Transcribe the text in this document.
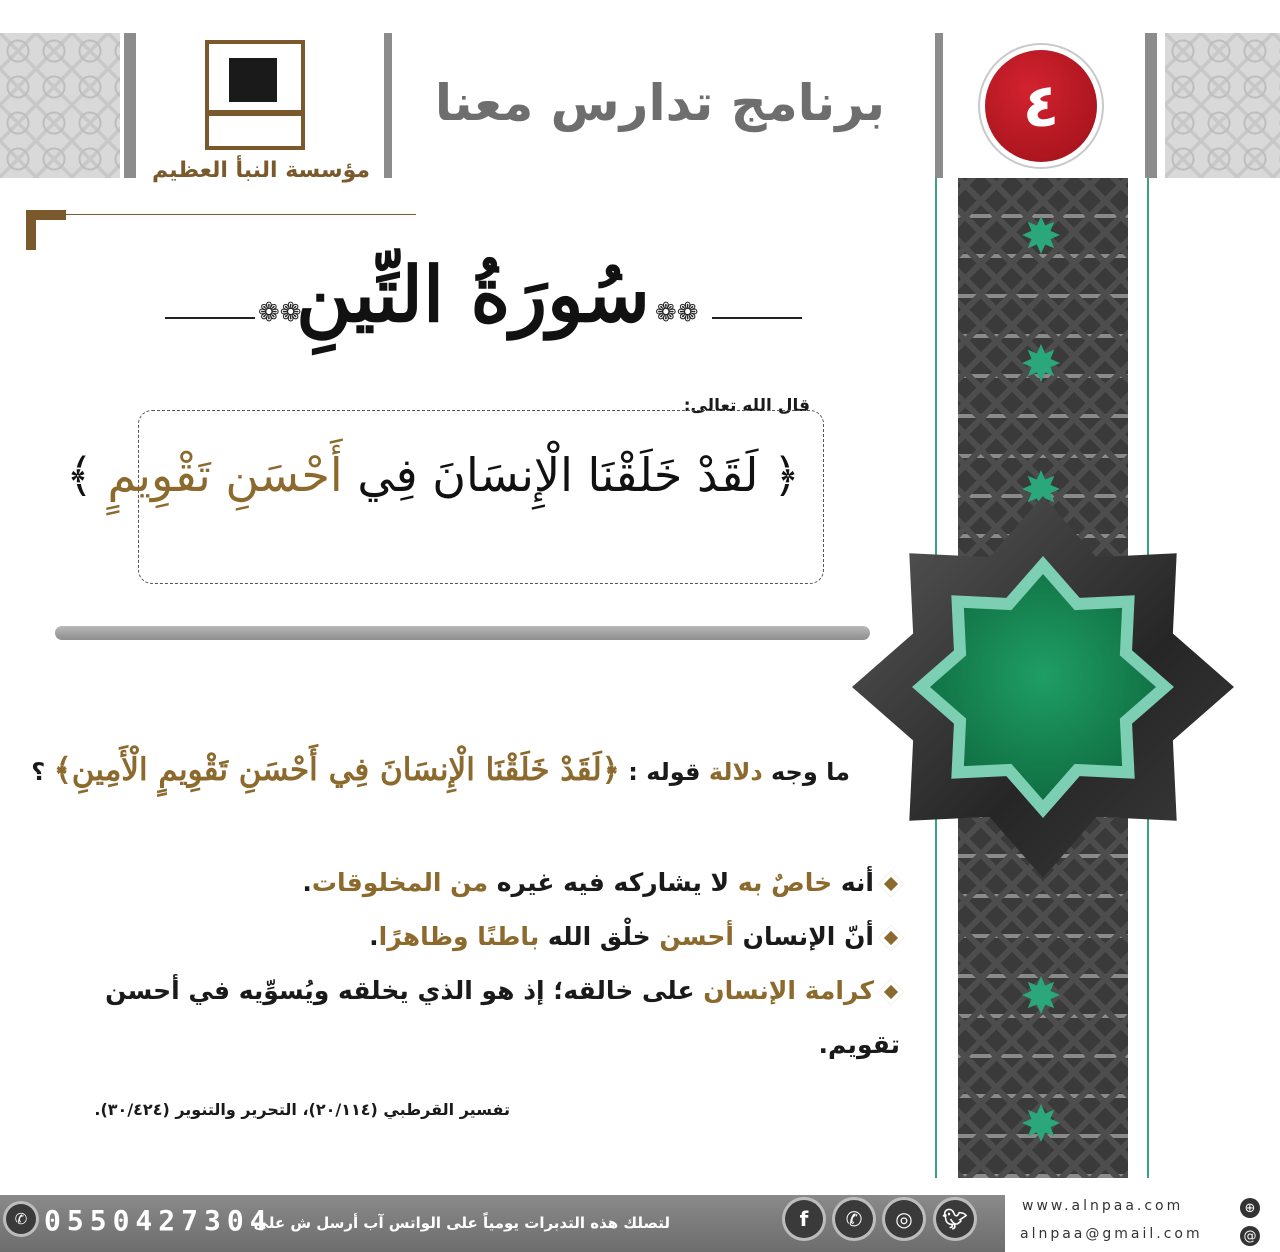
مؤسسة النبأ العظيم
برنامج تدارس معنا	٤
❁❁
سُورَةُ التِّينِ ❁❁
قال الله تعالى:
﴿ لَقَدْ خَلَقْنَا الْإِنسَانَ فِي أَحْسَنِ تَقْوِيمٍ ﴾
ما وجه دلالة قوله : ﴿لَقَدْ خَلَقْنَا الْإِنسَانَ فِي أَحْسَنِ تَقْوِيمٍ الْأَمِينِ﴾ ؟
أنه خاصٌ به لا يشاركه فيه غيره من المخلوقات.
أنّ الإنسان أحسن خلْق الله باطنًا وظاهرًا.
كرامة الإنسان على خالقه؛ إذ هو الذي يخلقه ويُسوِّيه في أحسن تقويم.
تفسير القرطبي (٢٠/١١٤)، التحرير والتنوير (٣٠/٤٢٤).
✆ 0550427304
لتصلك هذه التدبرات يومياً على الواتس آب أرسل ش على	f	✆	◎	🐦︎
www.alnpaa.com	⊕
alnpaa@gmail.com	@
